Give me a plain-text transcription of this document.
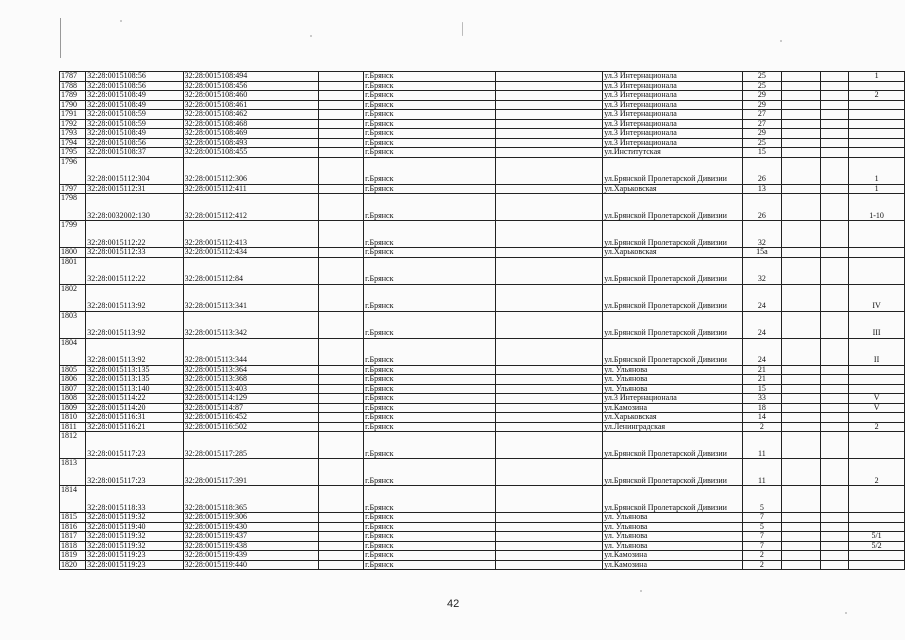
1787	32:28:0015108:56	32:28:0015108:494		г.Брянск		ул.3 Интернационала	25			1
1788	32:28:0015108:56	32:28:0015108:456		г.Брянск		ул.3 Интернационала	25			
1789	32:28:0015108:49	32:28:0015108:460		г.Брянск		ул.3 Интернационала	29			2
1790	32:28:0015108:49	32:28:0015108:461		г.Брянск		ул.3 Интернационала	29			
1791	32:28:0015108:59	32:28:0015108:462		г.Брянск		ул.3 Интернационала	27			
1792	32:28:0015108:59	32:28:0015108:468		г.Брянск		ул.3 Интернационала	27			
1793	32:28:0015108:49	32:28:0015108:469		г.Брянск		ул.3 Интернационала	29			
1794	32:28:0015108:56	32:28:0015108:493		г.Брянск		ул.3 Интернационала	25			
1795	32:28:0015108:37	32:28:0015108:455		г.Брянск		ул.Институтская	15			
1796	32:28:0015112:304	32:28:0015112:306		г.Брянск		ул.Брянской Пролетарской Дивизии	26			1
1797	32:28:0015112:31	32:28:0015112:411		г.Брянск		ул.Харьковская	13			1
1798	32:28:0032002:130	32:28:0015112:412		г.Брянск		ул.Брянской Пролетарской Дивизии	26			1-10
1799	32:28:0015112:22	32:28:0015112:413		г.Брянск		ул.Брянской Пролетарской Дивизии	32			
1800	32:28:0015112:33	32:28:0015112:434		г.Брянск		ул.Харьковская	15а			
1801	32:28:0015112:22	32:28:0015112:84		г.Брянск		ул.Брянской Пролетарской Дивизии	32			
1802	32:28:0015113:92	32:28:0015113:341		г.Брянск		ул.Брянской Пролетарской Дивизии	24			IV
1803	32:28:0015113:92	32:28:0015113:342		г.Брянск		ул.Брянской Пролетарской Дивизии	24			III
1804	32:28:0015113:92	32:28:0015113:344		г.Брянск		ул.Брянской Пролетарской Дивизии	24			II
1805	32:28:0015113:135	32:28:0015113:364		г.Брянск		ул. Ульянова	21			
1806	32:28:0015113:135	32:28:0015113:368		г.Брянск		ул. Ульянова	21			
1807	32:28:0015113:140	32:28:0015113:403		г.Брянск		ул. Ульянова	15			
1808	32:28:0015114:22	32:28:0015114:129		г.Брянск		ул.3 Интернационала	33			V
1809	32:28:0015114:20	32:28:0015114:87		г.Брянск		ул.Камозина	18			V
1810	32:28:0015116:31	32:28:0015116:452		г.Брянск		ул.Харьковская	14			
1811	32:28:0015116:21	32:28:0015116:502		г.Брянск		ул.Ленинградская	2			2
1812	32:28:0015117:23	32:28:0015117:285		г.Брянск		ул.Брянской Пролетарской Дивизии	11			
1813	32:28:0015117:23	32:28:0015117:391		г.Брянск		ул.Брянской Пролетарской Дивизии	11			2
1814	32:28:0015118:33	32:28:0015118:365		г.Брянск		ул.Брянской Пролетарской Дивизии	5			
1815	32:28:0015119:32	32:28:0015119:306		г.Брянск		ул. Ульянова	7			
1816	32:28:0015119:40	32:28:0015119:430		г.Брянск		ул. Ульянова	5			
1817	32:28:0015119:32	32:28:0015119:437		г.Брянск		ул. Ульянова	7			5/1
1818	32:28:0015119:32	32:28:0015119:438		г.Брянск		ул. Ульянова	7			5/2
1819	32:28:0015119:23	32:28:0015119:439		г.Брянск		ул.Камозина	2			
1820	32:28:0015119:23	32:28:0015119:440		г.Брянск		ул.Камозина	2			
42
